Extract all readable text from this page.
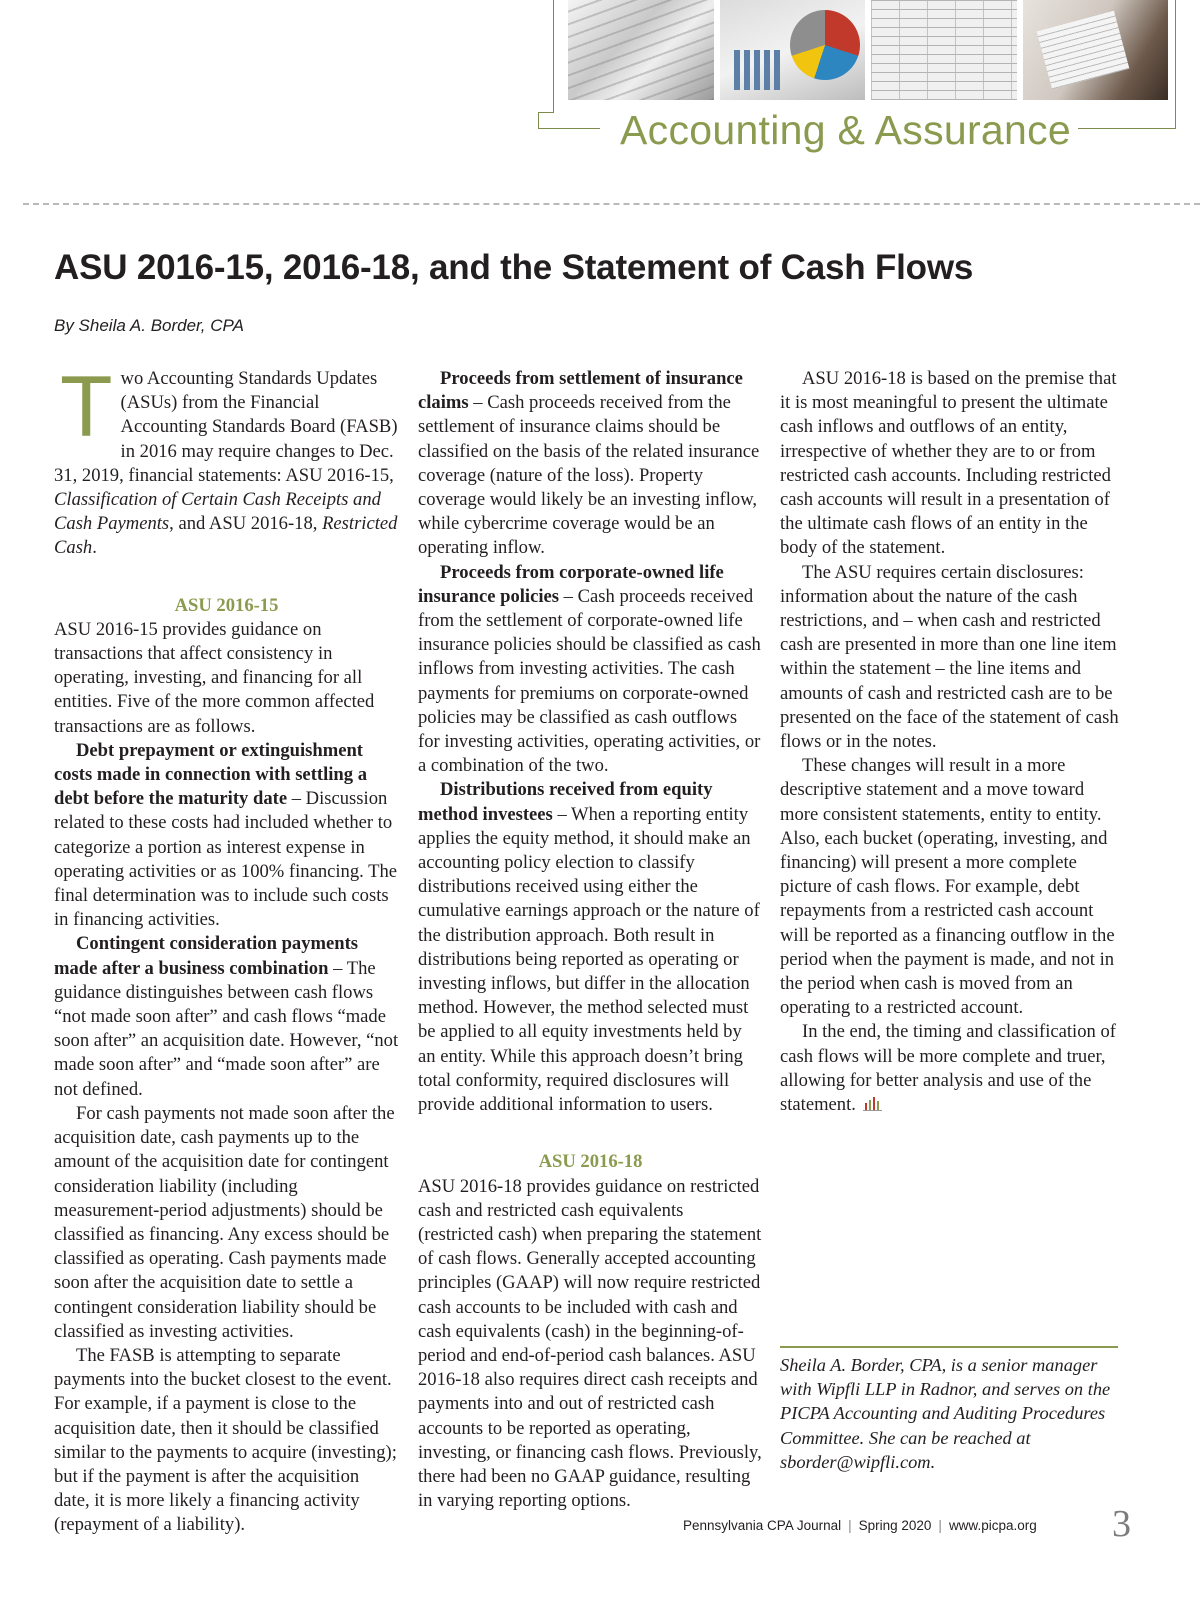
Accounting & Assurance
ASU 2016-15, 2016-18, and the Statement of Cash Flows
By Sheila A. Border, CPA

Two Accounting Standards Updates (ASUs) from the Financial Accounting Standards Board (FASB) in 2016 may require changes to Dec. 31, 2019, financial statements: ASU 2016-15, Classification of Certain Cash Receipts and Cash Payments, and ASU 2016-18, Restricted Cash.

ASU 2016-15

ASU 2016-15 provides guidance on transactions that affect consistency in operating, investing, and financing for all entities. Five of the more common affected transactions are as follows.

Debt prepayment or extinguishment costs made in connection with settling a debt before the maturity date – Discussion related to these costs had included whether to categorize a portion as interest expense in operating activities or as 100% financing. The final determination was to include such costs in financing activities.

Contingent consideration payments made after a business combination – The guidance distinguishes between cash flows “not made soon after” and cash flows “made soon after” an acquisition date. However, “not made soon after” and “made soon after” are not defined.

For cash payments not made soon after the acquisition date, cash payments up to the amount of the acquisition date for contingent consideration liability (including measurement-period adjustments) should be classified as financing. Any excess should be classified as operating. Cash payments made soon after the acquisition date to settle a contingent consideration liability should be classified as investing activities.

The FASB is attempting to separate payments into the bucket closest to the event. For example, if a payment is close to the acquisition date, then it should be classified similar to the payments to acquire (investing); but if the payment is after the acquisition date, it is more likely a financing activity (repayment of a liability).

Proceeds from settlement of insurance claims – Cash proceeds received from the settlement of insurance claims should be classified on the basis of the related insurance coverage (nature of the loss). Property coverage would likely be an investing inflow, while cybercrime coverage would be an operating inflow.

Proceeds from corporate-owned life insurance policies – Cash proceeds received from the settlement of corporate-owned life insurance policies should be classified as cash inflows from investing activities. The cash payments for premiums on corporate-owned policies may be classified as cash outflows for investing activities, operating activities, or a combination of the two.

Distributions received from equity method investees – When a reporting entity applies the equity method, it should make an accounting policy election to classify distributions received using either the cumulative earnings approach or the nature of the distribution approach. Both result in distributions being reported as operating or investing inflows, but differ in the allocation method. However, the method selected must be applied to all equity investments held by an entity. While this approach doesn’t bring total conformity, required disclosures will provide additional information to users.

ASU 2016-18

ASU 2016-18 provides guidance on restricted cash and restricted cash equivalents (restricted cash) when preparing the statement of cash flows. Generally accepted accounting principles (GAAP) will now require restricted cash accounts to be included with cash and cash equivalents (cash) in the beginning-of-period and end-of-period cash balances. ASU 2016-18 also requires direct cash receipts and payments into and out of restricted cash accounts to be reported as operating, investing, or financing cash flows. Previously, there had been no GAAP guidance, resulting in varying reporting options.

ASU 2016-18 is based on the premise that it is most meaningful to present the ultimate cash inflows and outflows of an entity, irrespective of whether they are to or from restricted cash accounts. Including restricted cash accounts will result in a presentation of the ultimate cash flows of an entity in the body of the statement.

The ASU requires certain disclosures: information about the nature of the cash restrictions, and – when cash and restricted cash are presented in more than one line item within the statement – the line items and amounts of cash and restricted cash are to be presented on the face of the statement of cash flows or in the notes.

These changes will result in a more descriptive statement and a move toward more consistent statements, entity to entity. Also, each bucket (operating, investing, and financing) will present a more complete picture of cash flows. For example, debt repayments from a restricted cash account will be reported as a financing outflow in the period when the payment is made, and not in the period when cash is moved from an operating to a restricted account.

In the end, the timing and classification of cash flows will be more complete and truer, allowing for better analysis and use of the statement.

Sheila A. Border, CPA, is a senior manager with Wipfli LLP in Radnor, and serves on the PICPA Accounting and Auditing Procedures Committee. She can be reached at sborder@wipfli.com.
Pennsylvania CPA Journal | Spring 2020 | www.picpa.org 3
